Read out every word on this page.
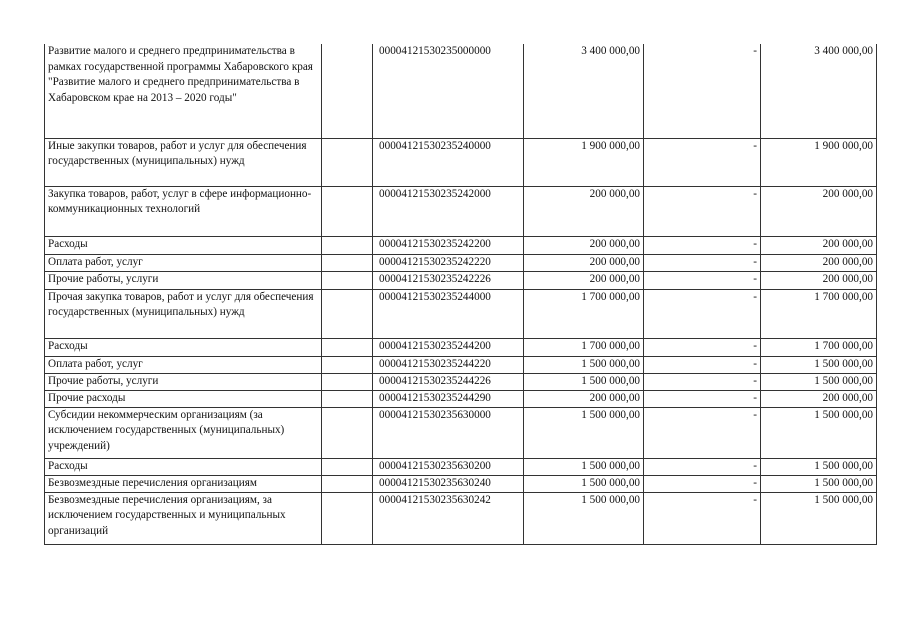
Развитие малого и среднего предпринимательства в рамках государственной программы Хабаровского края "Развитие малого и среднего предпринимательства в Хабаровском крае на 2013 – 2020 годы"		00004121530235000000	3 400 000,00	-	3 400 000,00
Иные закупки товаров, работ и услуг для обеспечения государственных (муниципальных) нужд		00004121530235240000	1 900 000,00	-	1 900 000,00
Закупка товаров, работ, услуг в сфере информационно-коммуникационных технологий		00004121530235242000	200 000,00	-	200 000,00
Расходы		00004121530235242200	200 000,00	-	200 000,00
Оплата работ, услуг		00004121530235242220	200 000,00	-	200 000,00
Прочие работы, услуги		00004121530235242226	200 000,00	-	200 000,00
Прочая закупка товаров, работ и услуг для обеспечения государственных (муниципальных) нужд		00004121530235244000	1 700 000,00	-	1 700 000,00
Расходы		00004121530235244200	1 700 000,00	-	1 700 000,00
Оплата работ, услуг		00004121530235244220	1 500 000,00	-	1 500 000,00
Прочие работы, услуги		00004121530235244226	1 500 000,00	-	1 500 000,00
Прочие расходы		00004121530235244290	200 000,00	-	200 000,00
Субсидии некоммерческим организациям (за исключением государственных (муниципальных) учреждений)		00004121530235630000	1 500 000,00	-	1 500 000,00
Расходы		00004121530235630200	1 500 000,00	-	1 500 000,00
Безвозмездные перечисления организациям		00004121530235630240	1 500 000,00	-	1 500 000,00
Безвозмездные перечисления организациям, за исключением государственных и муниципальных организаций		00004121530235630242	1 500 000,00	-	1 500 000,00
